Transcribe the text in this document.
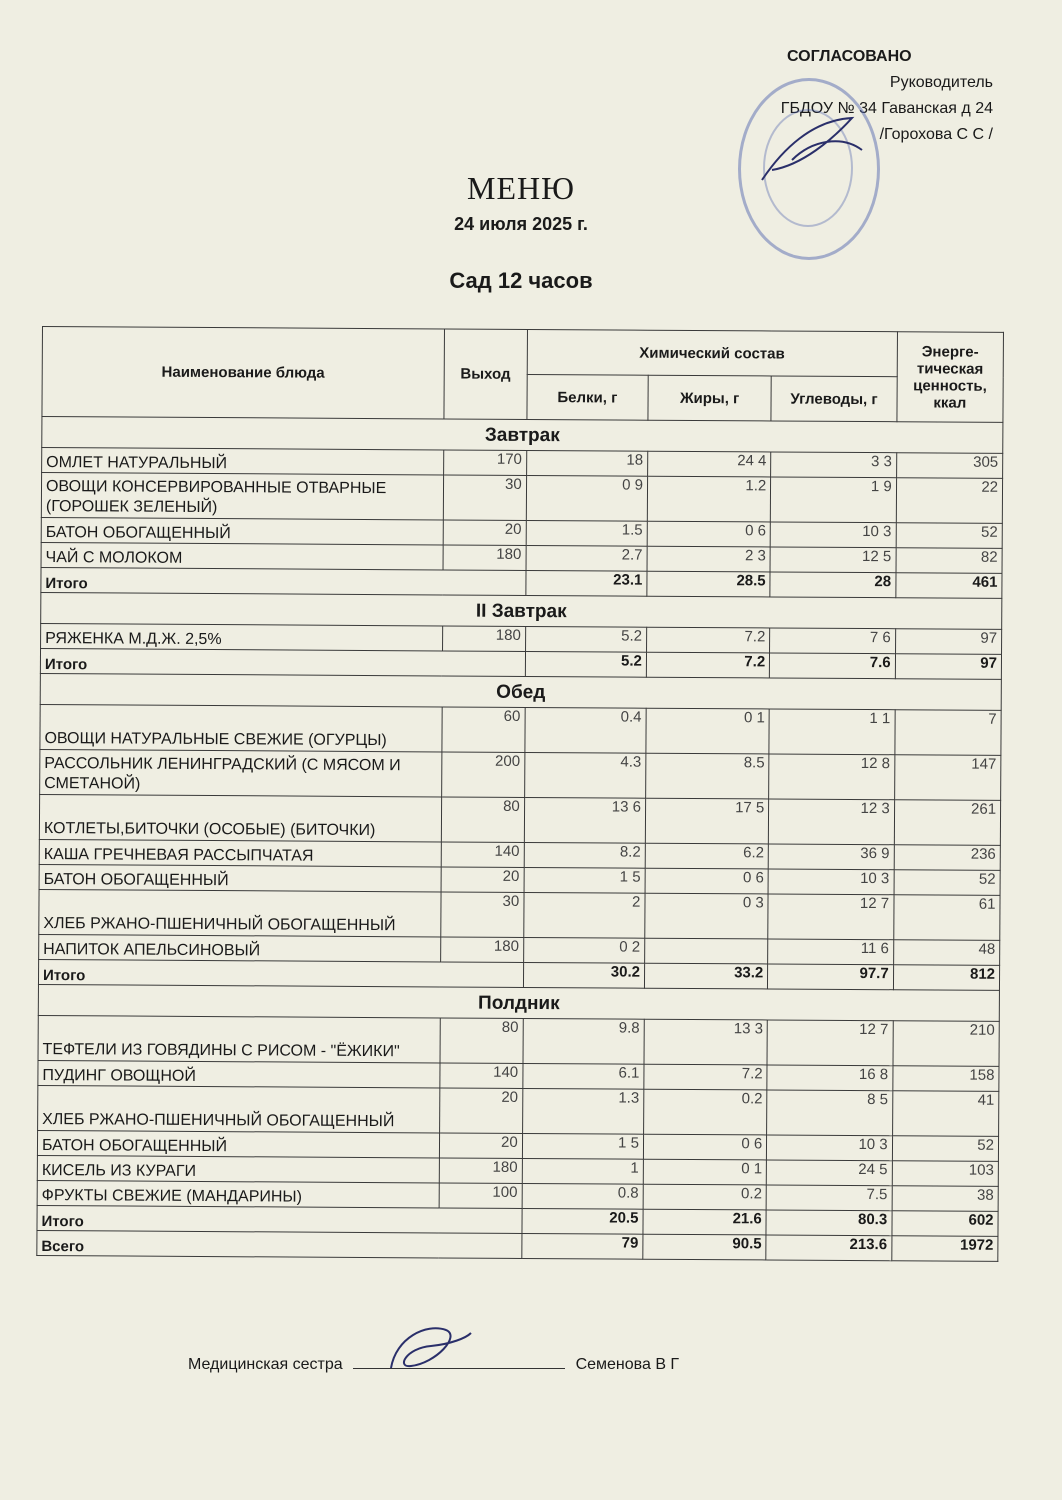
СОГЛАСОВАНО
Руководитель
ГБДОУ № 34 Гаванская д 24
/Горохова С С /
МЕНЮ
24 июля 2025 г.
Сад 12 часов
Наименование блюда	Выход	Химический состав			Энерге-тическая ценность, ккал
		Белки, г	Жиры, г	Углеводы, г	
Завтрак					
ОМЛЕТ НАТУРАЛЬНЫЙ	170	18	24 4	3 3	305
ОВОЩИ КОНСЕРВИРОВАННЫЕ ОТВАРНЫЕ (ГОРОШЕК ЗЕЛЕНЫЙ)	30	0 9	1.2	1 9	22
БАТОН ОБОГАЩЕННЫЙ	20	1.5	0 6	10 3	52
ЧАЙ С МОЛОКОМ	180	2.7	2 3	12 5	82
Итого		23.1	28.5	28	461
II Завтрак					
РЯЖЕНКА М.Д.Ж. 2,5%	180	5.2	7.2	7 6	97
Итого		5.2	7.2	7.6	97
Обед					
ОВОЩИ НАТУРАЛЬНЫЕ СВЕЖИЕ (ОГУРЦЫ)	60	0.4	0 1	1 1	7
РАССОЛЬНИК ЛЕНИНГРАДСКИЙ (С МЯСОМ И СМЕТАНОЙ)	200	4.3	8.5	12 8	147
КОТЛЕТЫ,БИТОЧКИ (ОСОБЫЕ) (БИТОЧКИ)	80	13 6	17 5	12 3	261
КАША ГРЕЧНЕВАЯ РАССЫПЧАТАЯ	140	8.2	6.2	36 9	236
БАТОН ОБОГАЩЕННЫЙ	20	1 5	0 6	10 3	52
ХЛЕБ РЖАНО-ПШЕНИЧНЫЙ ОБОГАЩЕННЫЙ	30	2	0 3	12 7	61
НАПИТОК АПЕЛЬСИНОВЫЙ	180	0 2		11 6	48
Итого		30.2	33.2	97.7	812
Полдник					
ТЕФТЕЛИ ИЗ ГОВЯДИНЫ С РИСОМ - "ЁЖИКИ"	80	9.8	13 3	12 7	210
ПУДИНГ ОВОЩНОЙ	140	6.1	7.2	16 8	158
ХЛЕБ РЖАНО-ПШЕНИЧНЫЙ ОБОГАЩЕННЫЙ	20	1.3	0.2	8 5	41
БАТОН ОБОГАЩЕННЫЙ	20	1 5	0 6	10 3	52
КИСЕЛЬ ИЗ КУРАГИ	180	1	0 1	24 5	103
ФРУКТЫ СВЕЖИЕ (МАНДАРИНЫ)	100	0.8	0.2	7.5	38
Итого		20.5	21.6	80.3	602
Всего		79	90.5	213.6	1972
Медицинская сестра	Семенова В Г
